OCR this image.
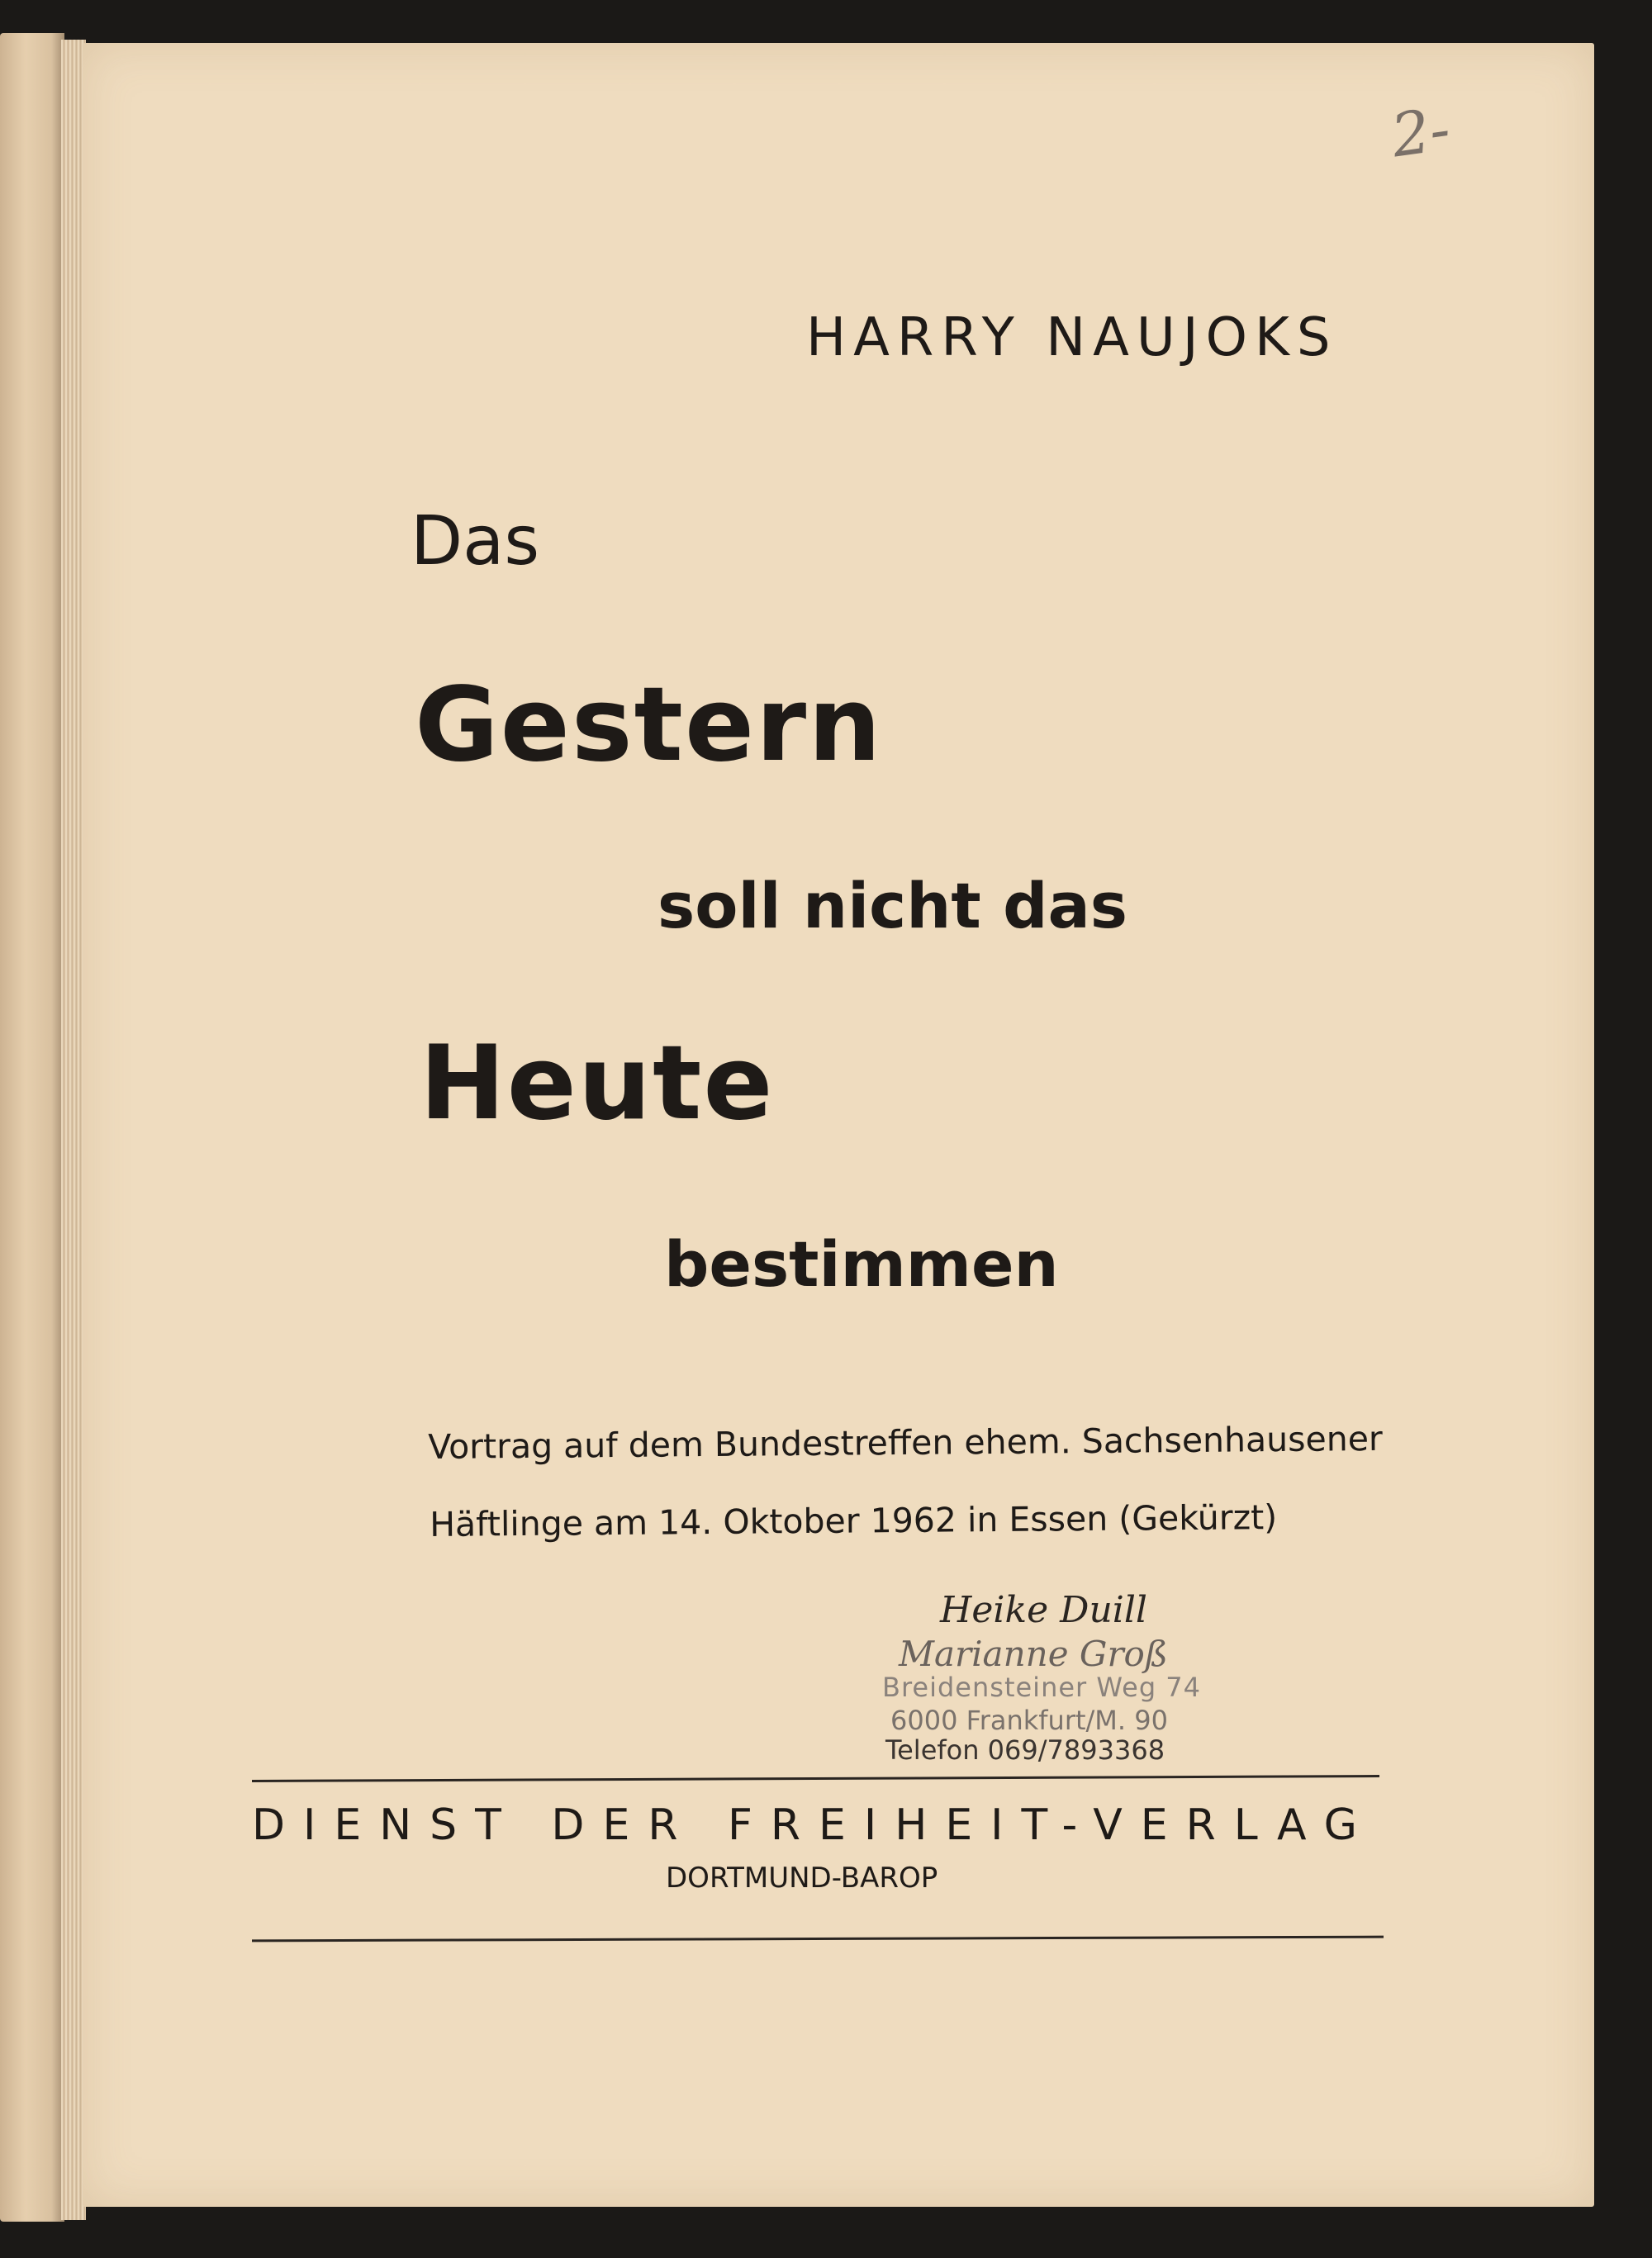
2-
HARRY NAUJOKS
Das
Gestern
soll nicht das
Heute
bestimmen
Vortrag auf dem Bundestreffen ehem. Sachsenhausener
Häftlinge am 14. Oktober 1962 in Essen (Gekürzt)
Heike Duill
Marianne Groß
Breidensteiner Weg 74
6000 Frankfurt/M. 90
Telefon 069/7893368
DIENST DER FREIHEIT-VERLAG
DORTMUND-BAROP
